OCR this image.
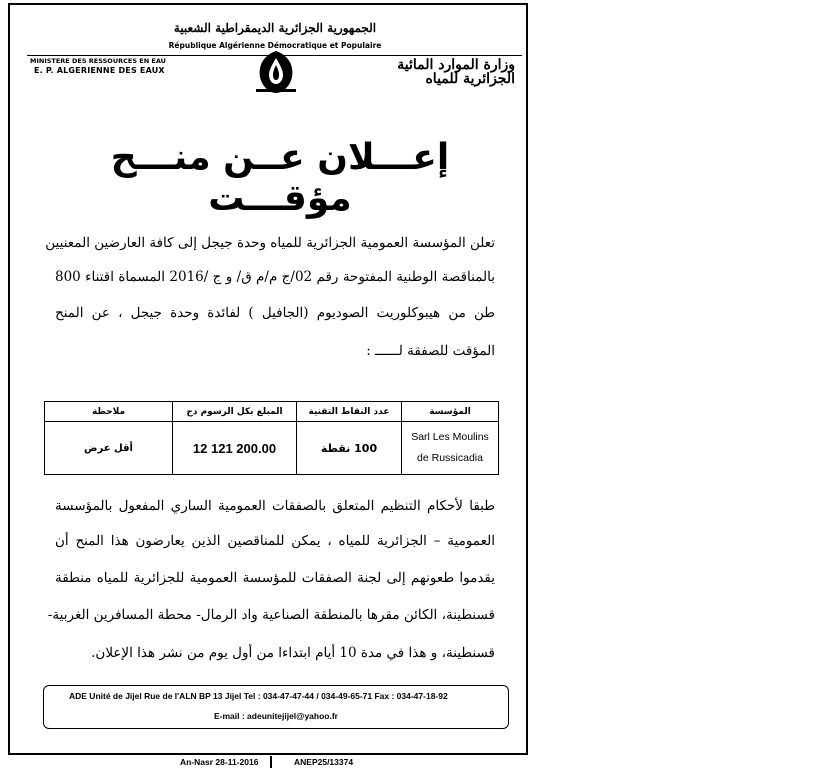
الجمهورية الجزائرية الديمقراطية الشعبية
République Algérienne Démocratique et Populaire
MINISTERE DES RESSOURCES EN EAU
E. P. ALGERIENNE DES EAUX	وزارة الموارد المائية
الجزائرية للمياه
إعـــلان عــن منـــح مؤقـــت
تعلن المؤسسة العمومية الجزائرية للمياه وحدة جيجل إلى كافة العارضين المعنيين
بالمناقصة الوطنية المفتوحة رقم 02/ج م/م ق/ و ج /2016 المسماة اقتناء 800
طن من هيبوكلوريت الصوديوم (الجافيل ) لفائدة وحدة جيجل ، عن المنح
المؤقت للصفقة لــــــ :
المؤسسة	عدد النقاط التقنية	المبلغ بكل الرسوم دج	ملاحظة
Sarl Les Moulins
de Russicadia	100 نقطة	12 121 200.00	أقل عرض
طبقا لأحكام التنظيم المتعلق بالصفقات العمومية الساري المفعول بالمؤسسة
العمومية – الجزائرية للمياه ، يمكن للمناقصين الذين يعارضون هذا المنح أن
يقدموا طعونهم إلى لجنة الصفقات للمؤسسة العمومية للجزائرية للمياه منطقة
قسنطينة، الكائن مقرها بالمنطقة الصناعية واد الرمال- محطة المسافرين الغربية-
قسنطينة، و هذا في مدة 10 أيام ابتداءا من أول يوم من نشر هذا الإعلان.
ADE Unité de Jijel Rue de l'ALN BP 13 Jijel Tel : 034-47-47-44 / 034-49-65-71 Fax : 034-47-18-92
E-mail : adeunitejijel@yahoo.fr
An-Nasr 28-11-2016	ANEP25/13374
